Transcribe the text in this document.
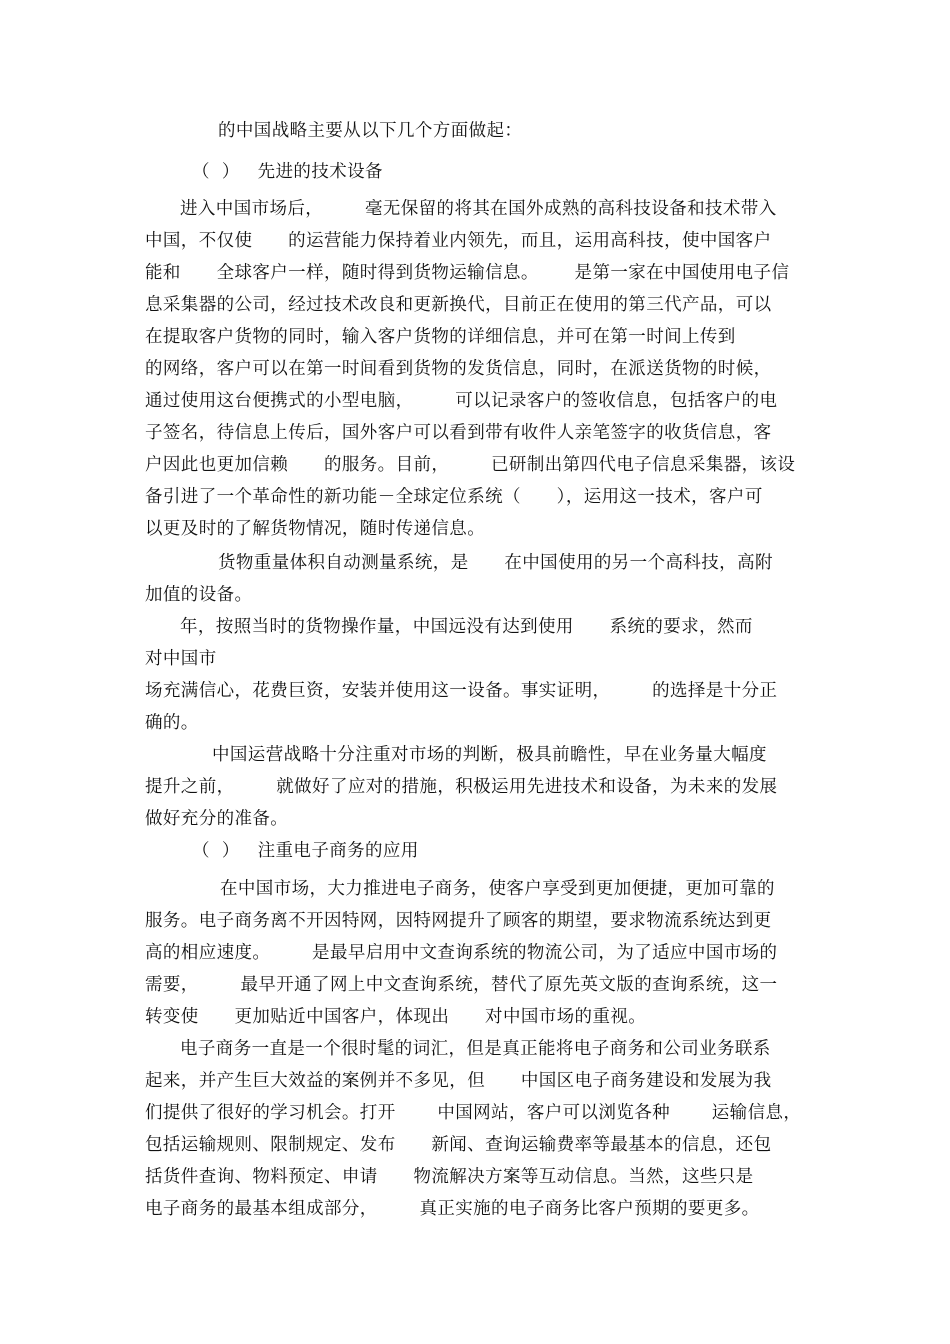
的中国战略主要从以下几个方面做起：
（  ）   先进的技术设备
进入中国市场后，       毫无保留的将其在国外成熟的高科技设备和技术带入
中国，不仅使      的运营能力保持着业内领先，而且，运用高科技，使中国客户
能和      全球客户一样，随时得到货物运输信息。      是第一家在中国使用电子信
息采集器的公司，经过技术改良和更新换代，目前正在使用的第三代产品，可以
在提取客户货物的同时，输入客户货物的详细信息，并可在第一时间上传到
的网络，客户可以在第一时间看到货物的发货信息，同时，在派送货物的时候，
通过使用这台便携式的小型电脑，       可以记录客户的签收信息，包括客户的电
子签名，待信息上传后，国外客户可以看到带有收件人亲笔签字的收货信息，客
户因此也更加信赖      的服务。目前，       已研制出第四代电子信息采集器，该设
备引进了一个革命性的新功能－全球定位系统（      ），运用这一技术，客户可
以更及时的了解货物情况，随时传递信息。
货物重量体积自动测量系统，是      在中国使用的另一个高科技，高附
加值的设备。
年，按照当时的货物操作量，中国远没有达到使用      系统的要求，然而
对中国市
场充满信心，花费巨资，安装并使用这一设备。事实证明，       的选择是十分正
确的。
中国运营战略十分注重对市场的判断，极具前瞻性，早在业务量大幅度
提升之前，       就做好了应对的措施，积极运用先进技术和设备，为未来的发展
做好充分的准备。
（  ）   注重电子商务的应用
在中国市场，大力推进电子商务，使客户享受到更加便捷，更加可靠的
服务。电子商务离不开因特网，因特网提升了顾客的期望，要求物流系统达到更
高的相应速度。       是最早启用中文查询系统的物流公司，为了适应中国市场的
需要，       最早开通了网上中文查询系统，替代了原先英文版的查询系统，这一
转变使      更加贴近中国客户，体现出      对中国市场的重视。
电子商务一直是一个很时髦的词汇，但是真正能将电子商务和公司业务联系
起来，并产生巨大效益的案例并不多见，但      中国区电子商务建设和发展为我
们提供了很好的学习机会。打开       中国网站，客户可以浏览各种       运输信息，
包括运输规则、限制规定、发布      新闻、查询运输费率等最基本的信息，还包
括货件查询、物料预定、申请      物流解决方案等互动信息。当然，这些只是
电子商务的最基本组成部分，       真正实施的电子商务比客户预期的要更多。
